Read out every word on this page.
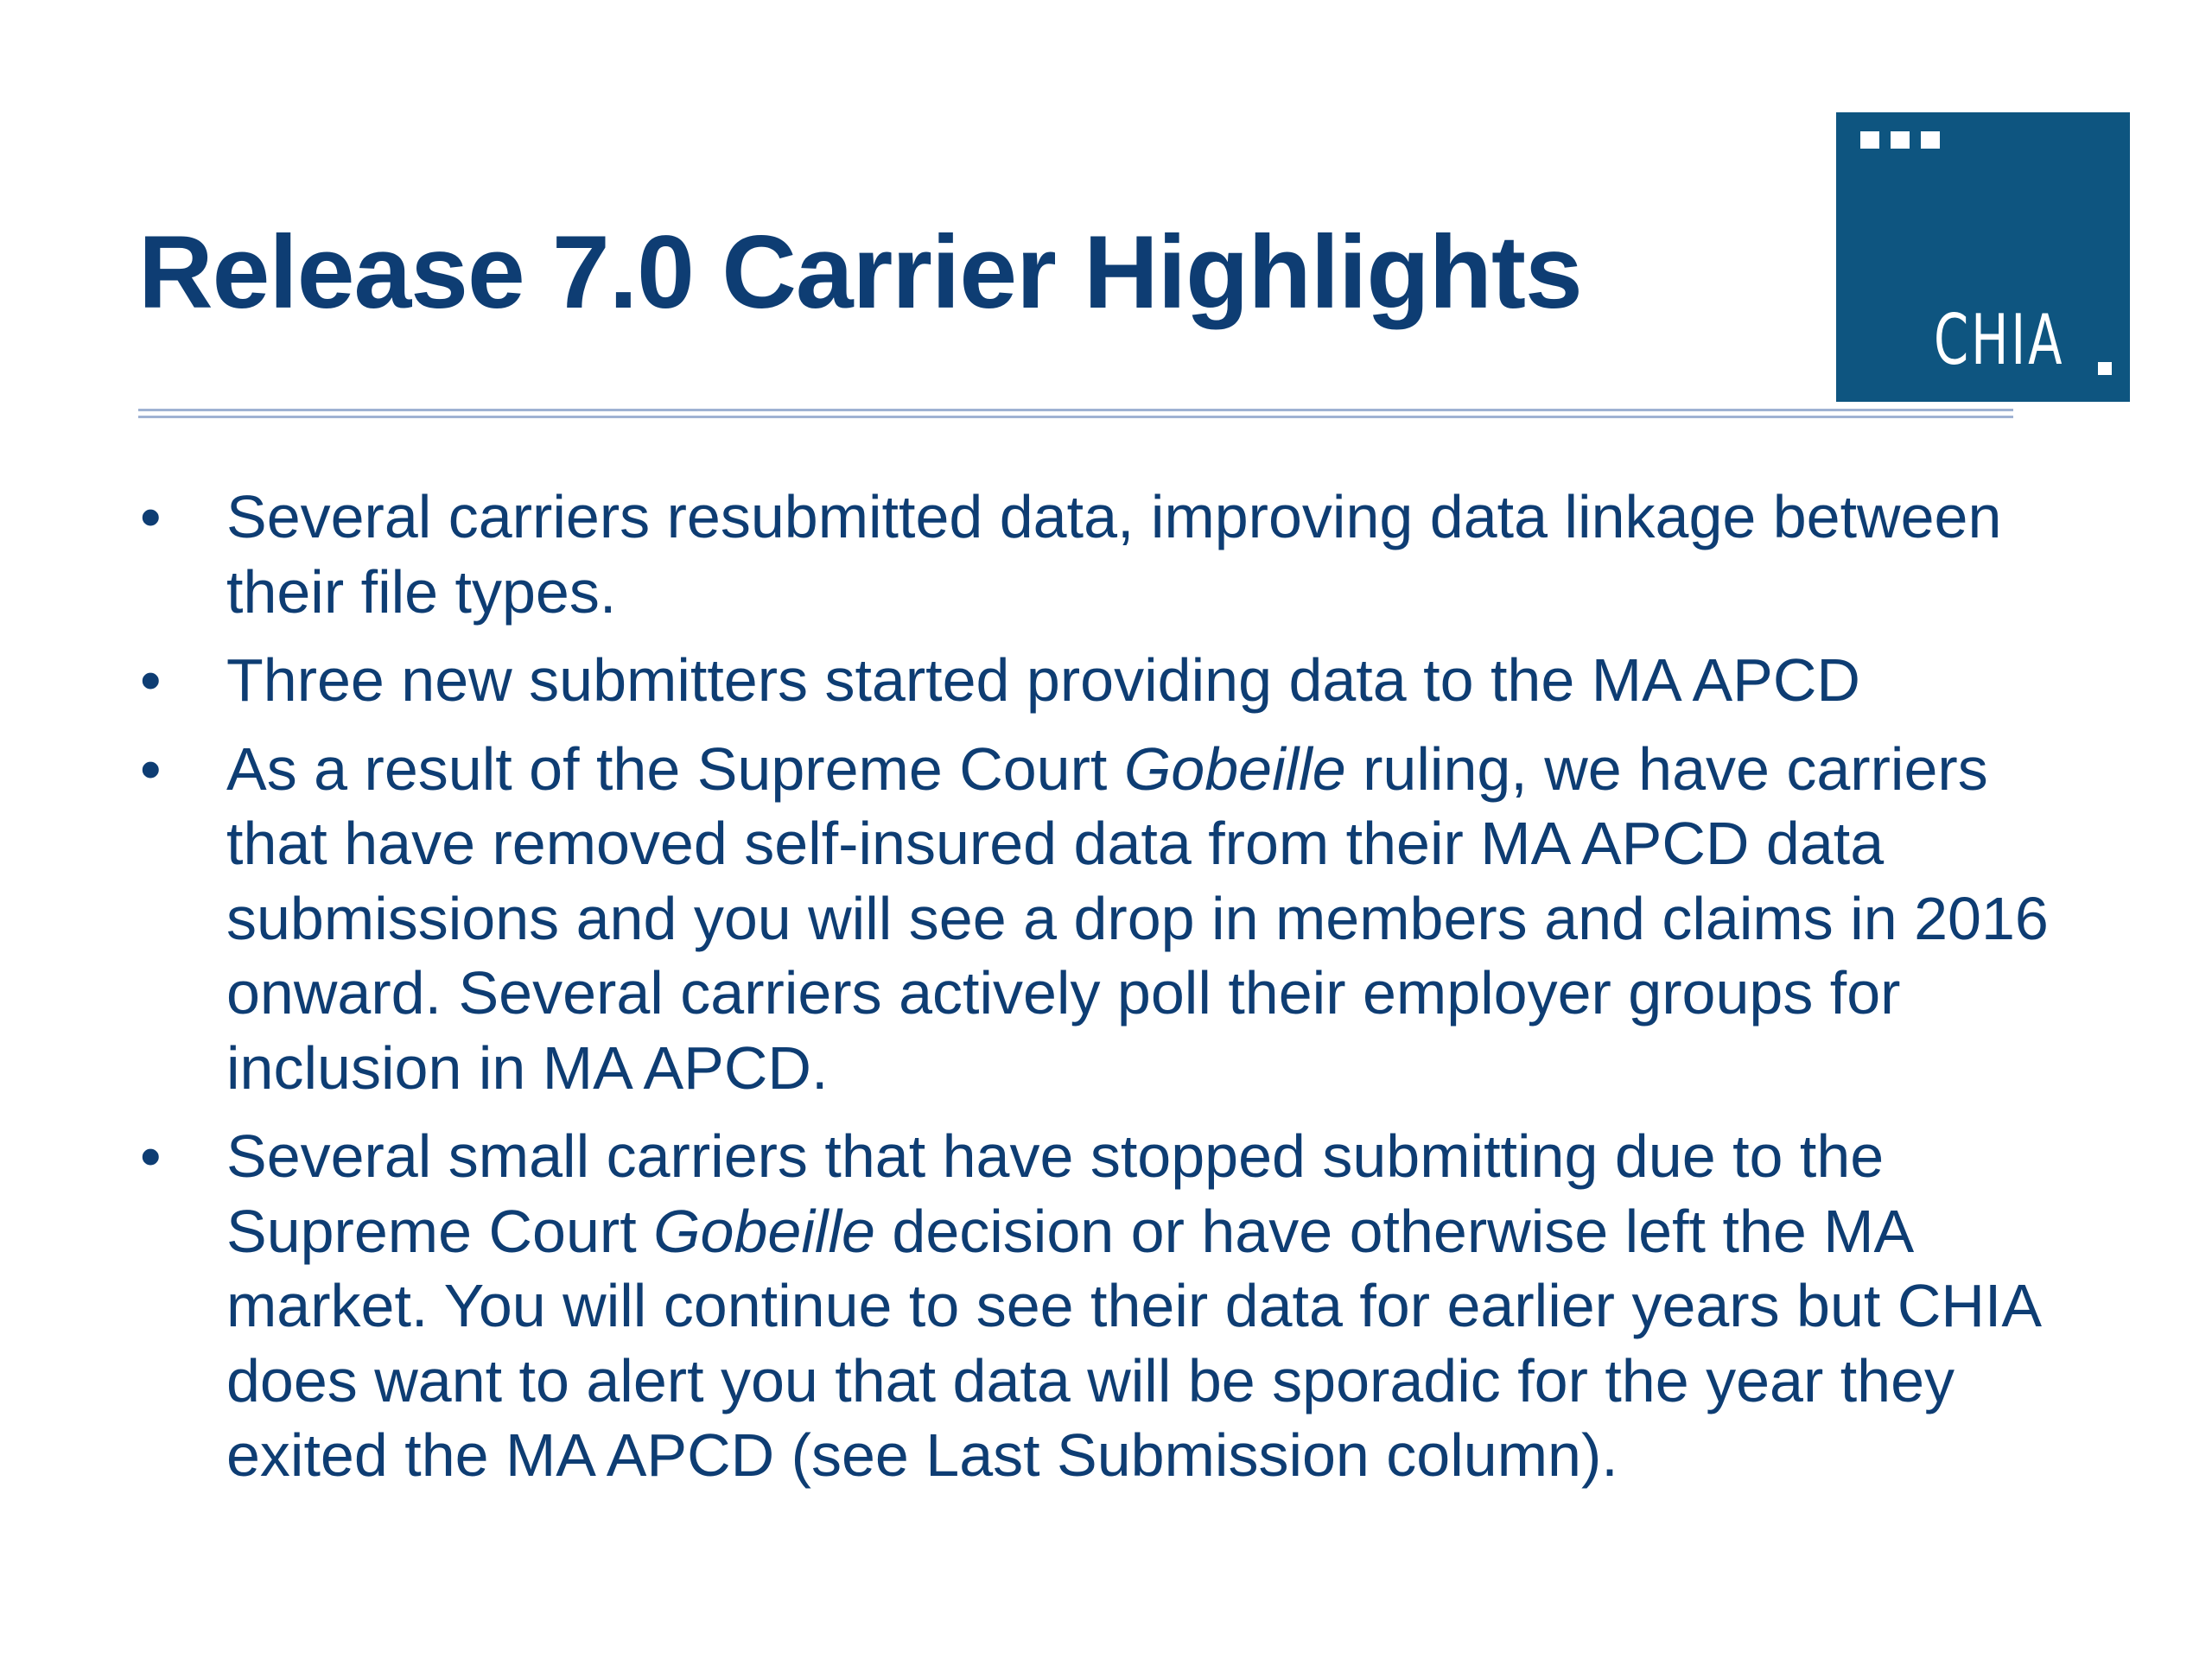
Release 7.0 Carrier Highlights
CHIA
• Several carriers resubmitted data, improving data linkage between their file types.
• Three new submitters started providing data to the MA APCD
• As a result of the Supreme Court Gobeille ruling, we have carriers that have removed self-insured data from their MA APCD data submissions and you will see a drop in members and claims in 2016 onward. Several carriers actively poll their employer groups for inclusion in MA APCD.
• Several small carriers that have stopped submitting due to the Supreme Court Gobeille decision or have otherwise left the MA market. You will continue to see their data for earlier years but CHIA does want to alert you that data will be sporadic for the year they exited the MA APCD (see Last Submission column).
